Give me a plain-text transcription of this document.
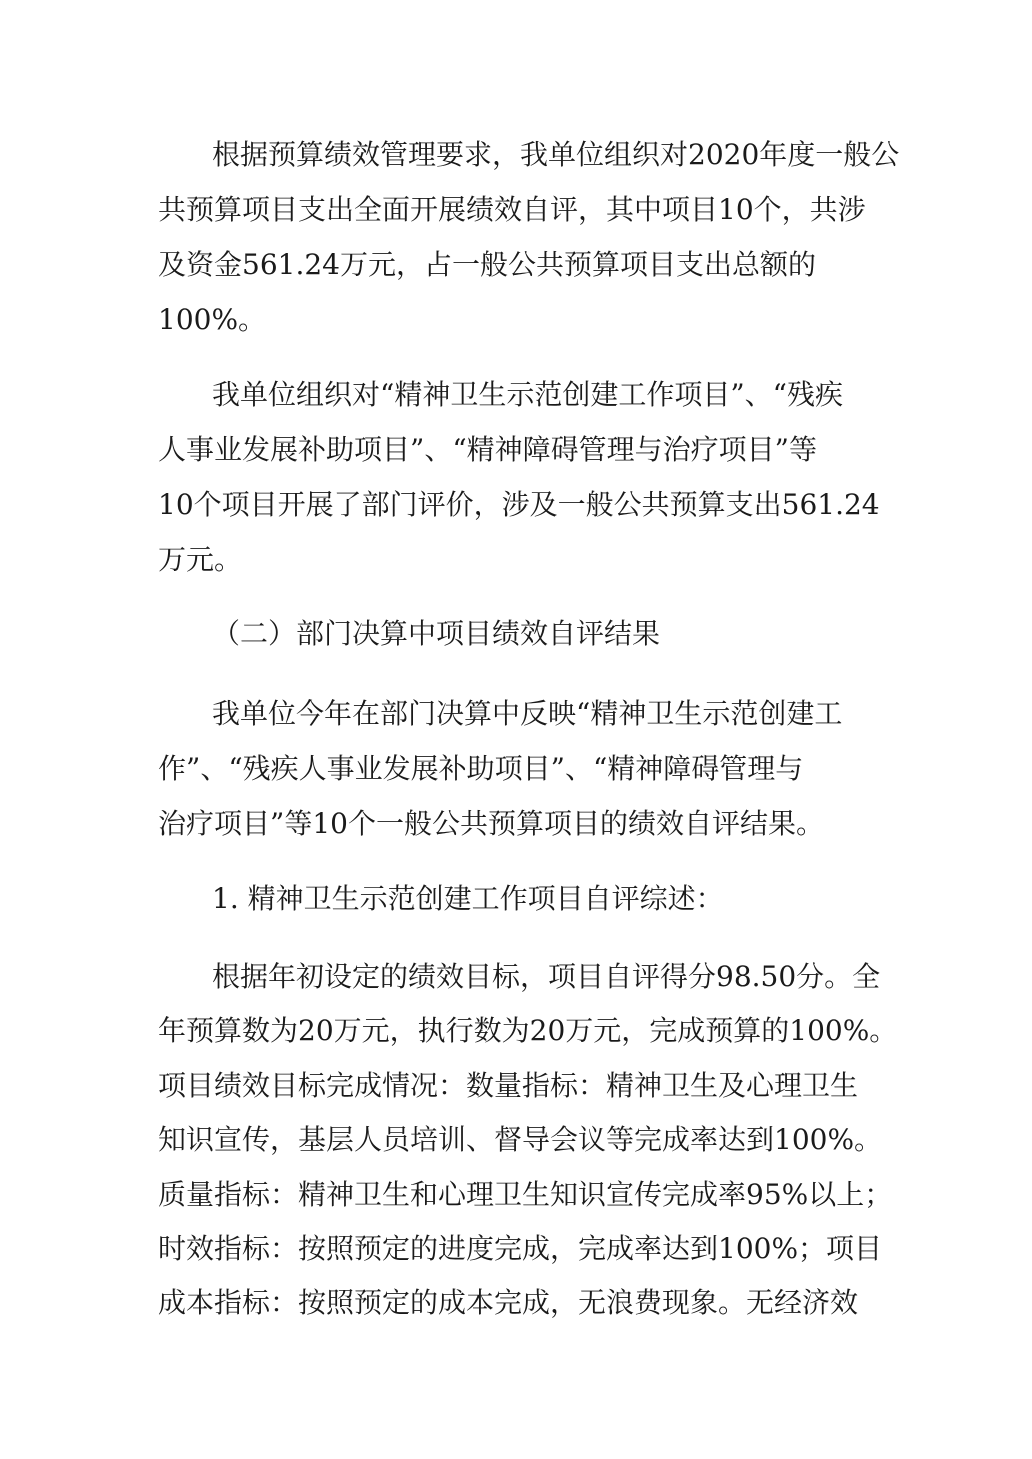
根据预算绩效管理要求，我单位组织对2020年度一般公

共预算项目支出全面开展绩效自评，其中项目10个，共涉

及资金561.24万元，占一般公共预算项目支出总额的

100%。

我单位组织对“精神卫生示范创建工作项目”、“残疾

人事业发展补助项目”、“精神障碍管理与治疗项目”等

10个项目开展了部门评价，涉及一般公共预算支出561.24

万元。

（二）部门决算中项目绩效自评结果

我单位今年在部门决算中反映“精神卫生示范创建工

作”、“残疾人事业发展补助项目”、“精神障碍管理与

治疗项目”等10个一般公共预算项目的绩效自评结果。

1. 精神卫生示范创建工作项目自评综述：

根据年初设定的绩效目标，项目自评得分98.50分。全

年预算数为20万元，执行数为20万元，完成预算的100%。

项目绩效目标完成情况：数量指标：精神卫生及心理卫生

知识宣传，基层人员培训、督导会议等完成率达到100%。

质量指标：精神卫生和心理卫生知识宣传完成率95%以上；

时效指标：按照预定的进度完成，完成率达到100%；项目

成本指标：按照预定的成本完成，无浪费现象。无经济效
